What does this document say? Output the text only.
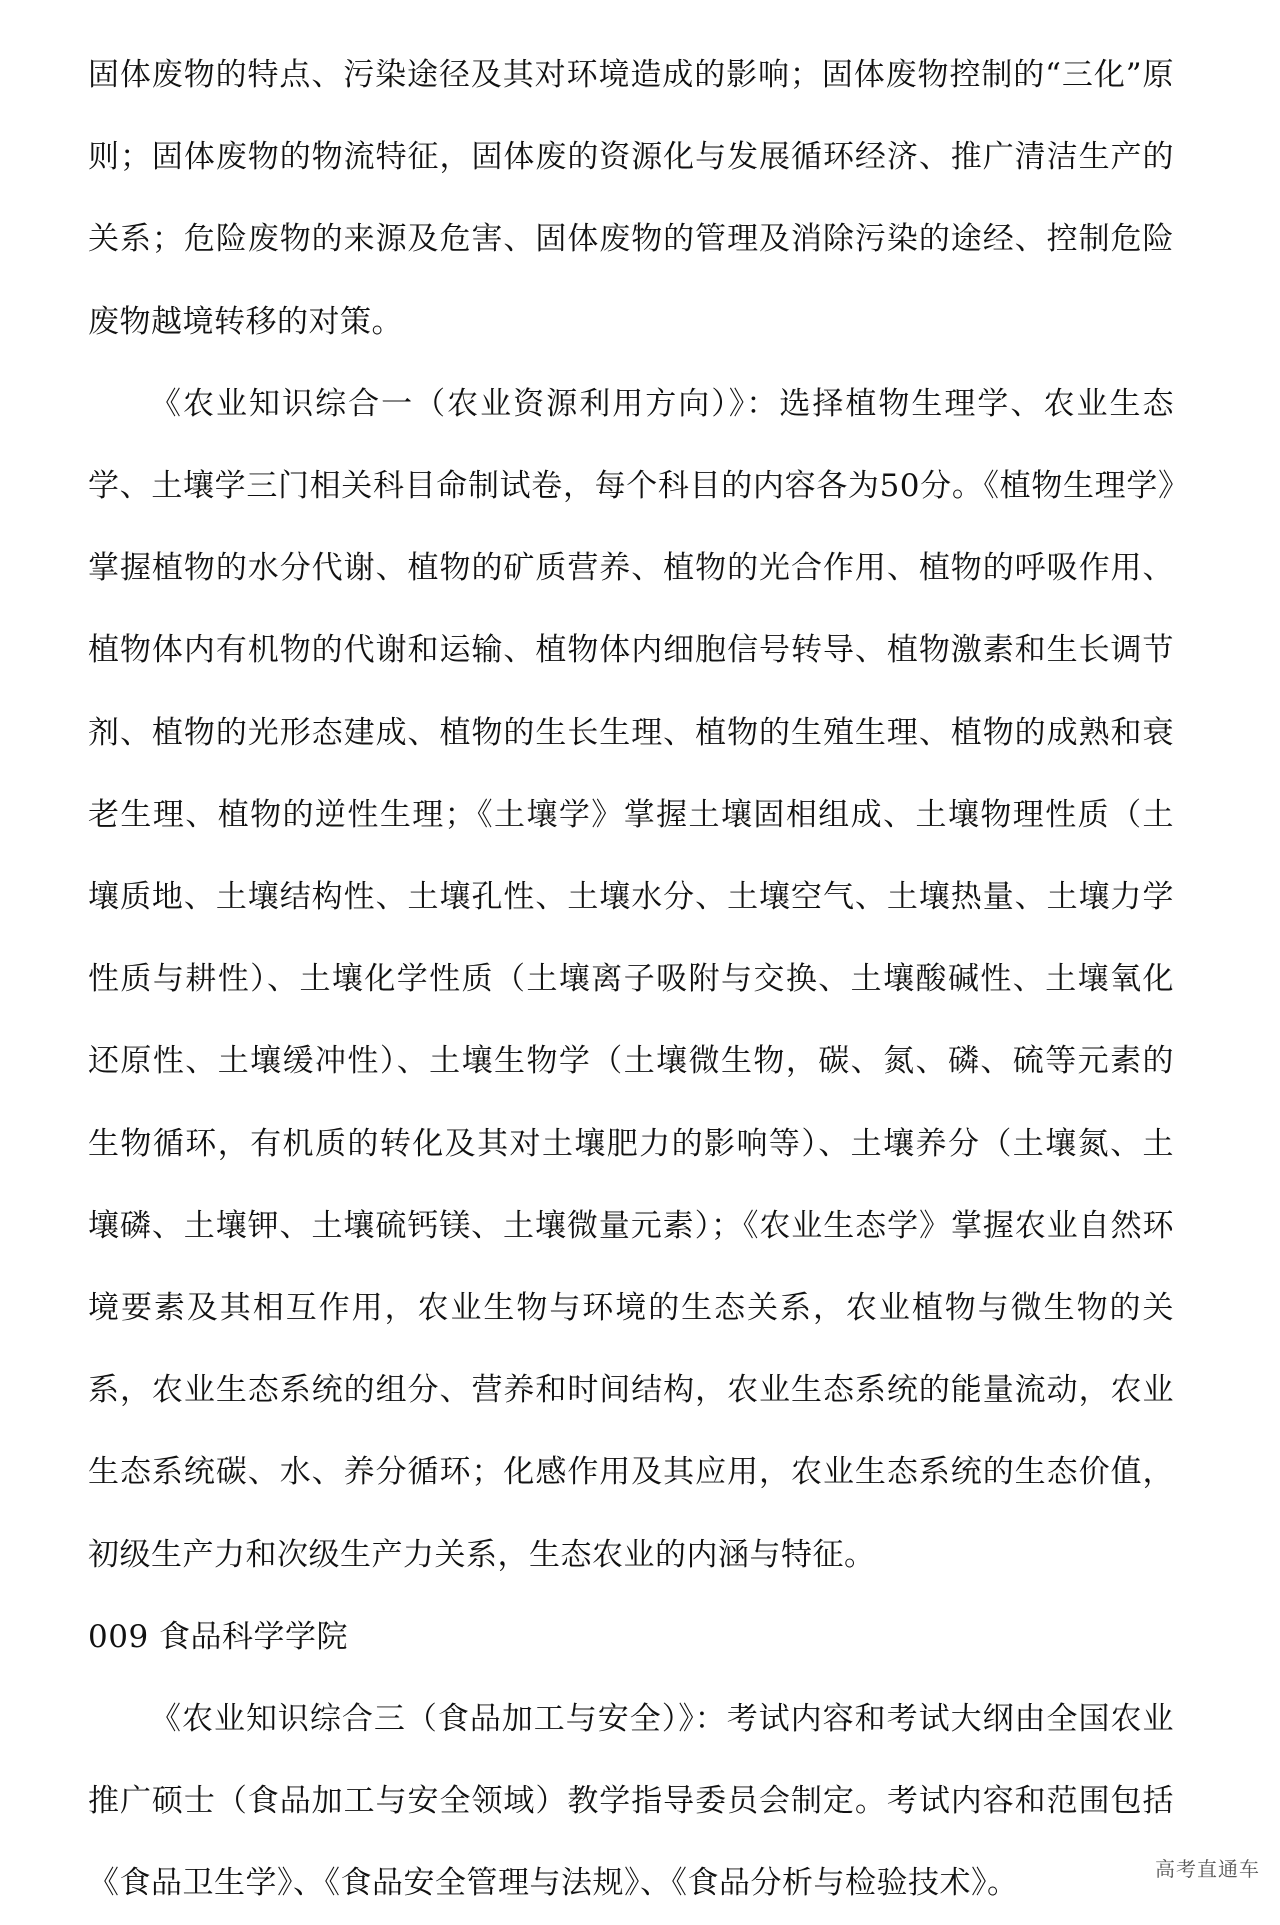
固体废物的特点、污染途径及其对环境造成的影响；固体废物控制的“三化”原则；固体废物的物流特征，固体废的资源化与发展循环经济、推广清洁生产的关系；危险废物的来源及危害、固体废物的管理及消除污染的途经、控制危险废物越境转移的对策。

《农业知识综合一（农业资源利用方向）》：选择植物生理学、农业生态学、土壤学三门相关科目命制试卷，每个科目的内容各为50分。《植物生理学》掌握植物的水分代谢、植物的矿质营养、植物的光合作用、植物的呼吸作用、植物体内有机物的代谢和运输、植物体内细胞信号转导、植物激素和生长调节剂、植物的光形态建成、植物的生长生理、植物的生殖生理、植物的成熟和衰老生理、植物的逆性生理；《土壤学》掌握土壤固相组成、土壤物理性质（土壤质地、土壤结构性、土壤孔性、土壤水分、土壤空气、土壤热量、土壤力学性质与耕性）、土壤化学性质（土壤离子吸附与交换、土壤酸碱性、土壤氧化还原性、土壤缓冲性）、土壤生物学（土壤微生物，碳、氮、磷、硫等元素的生物循环，有机质的转化及其对土壤肥力的影响等）、土壤养分（土壤氮、土壤磷、土壤钾、土壤硫钙镁、土壤微量元素）；《农业生态学》掌握农业自然环境要素及其相互作用，农业生物与环境的生态关系，农业植物与微生物的关系，农业生态系统的组分、营养和时间结构，农业生态系统的能量流动，农业生态系统碳、水、养分循环；化感作用及其应用，农业生态系统的生态价值，初级生产力和次级生产力关系，生态农业的内涵与特征。

009 食品科学学院

《农业知识综合三（食品加工与安全）》：考试内容和考试大纲由全国农业推广硕士（食品加工与安全领域）教学指导委员会制定。考试内容和范围包括《食品卫生学》、《食品安全管理与法规》、《食品分析与检验技术》。	高考直通车
